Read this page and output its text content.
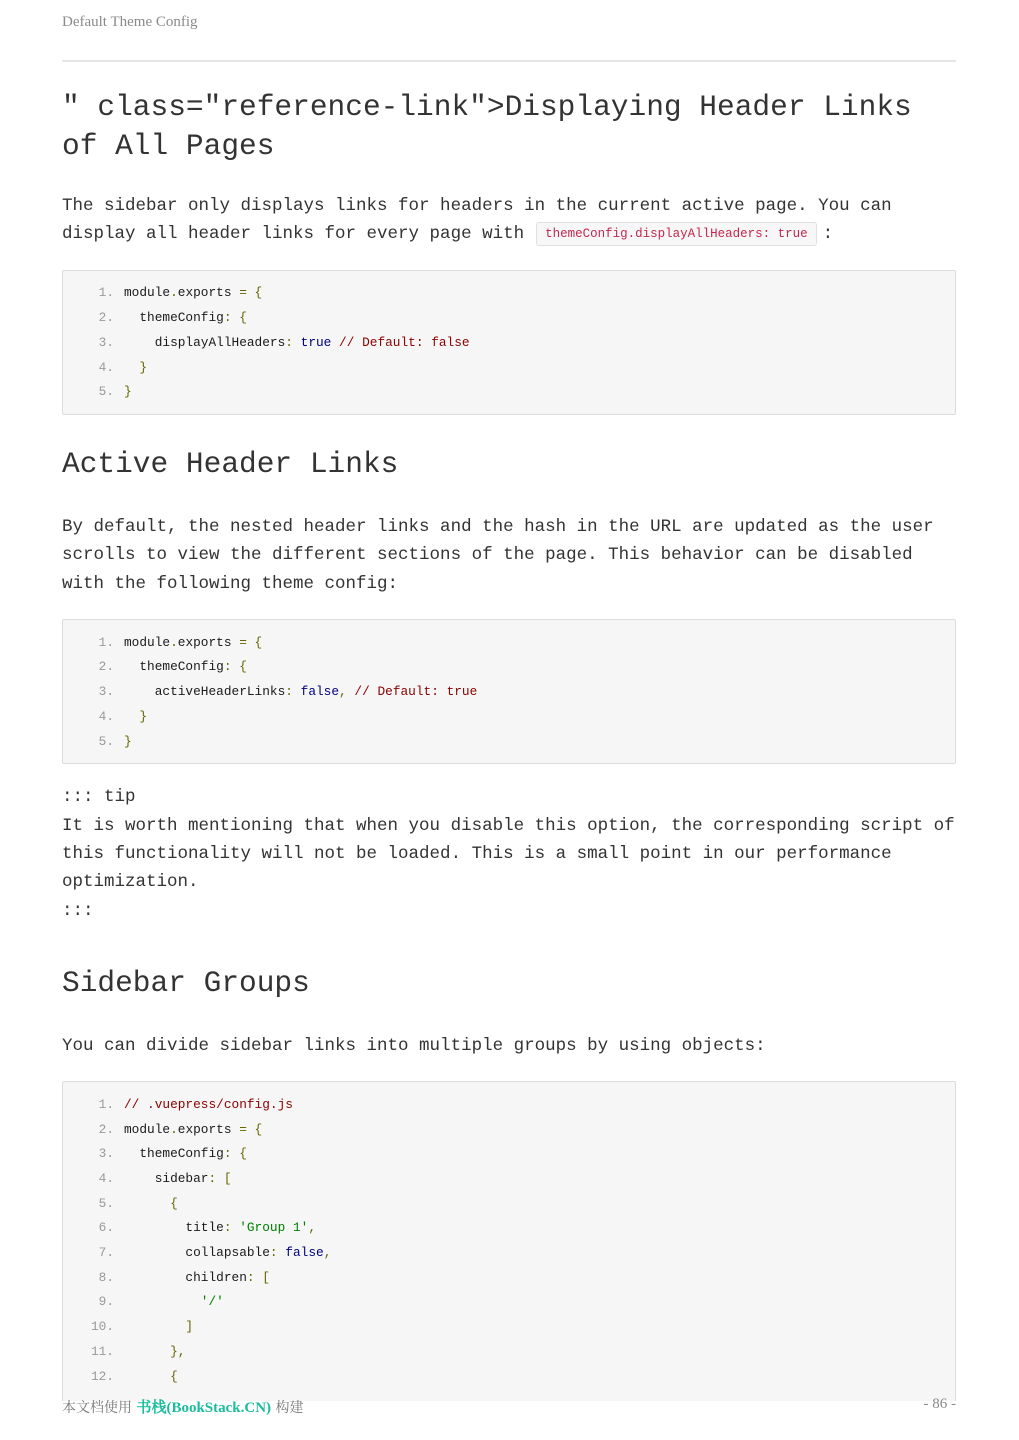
Default Theme Config
" class="reference-link">Displaying Header Links of All Pages

The sidebar only displays links for headers in the current active page. You can display all header links for every page with themeConfig.displayAllHeaders: true :

1. module.exports = {
2. themeConfig: {
3. displayAllHeaders: true // Default: false
4. }
5. }
Active Header Links

By default, the nested header links and the hash in the URL are updated as the user scrolls to view the different sections of the page. This behavior can be disabled with the following theme config:

1. module.exports = {
2. themeConfig: {
3. activeHeaderLinks: false, // Default: true
4. }
5. }

::: tip

It is worth mentioning that when you disable this option, the corresponding script of this functionality will not be loaded. This is a small point in our performance optimization.

:::

Sidebar Groups

You can divide sidebar links into multiple groups by using objects:

1. // .vuepress/config.js
2. module.exports = {
3. themeConfig: {
4. sidebar: [
5. {
6. title: 'Group 1',
7. collapsable: false,
8. children: [
9. '/'
10. ]
11. },
12. {
本文档使用 书栈(BookStack.CN) 构建	- 86 -
